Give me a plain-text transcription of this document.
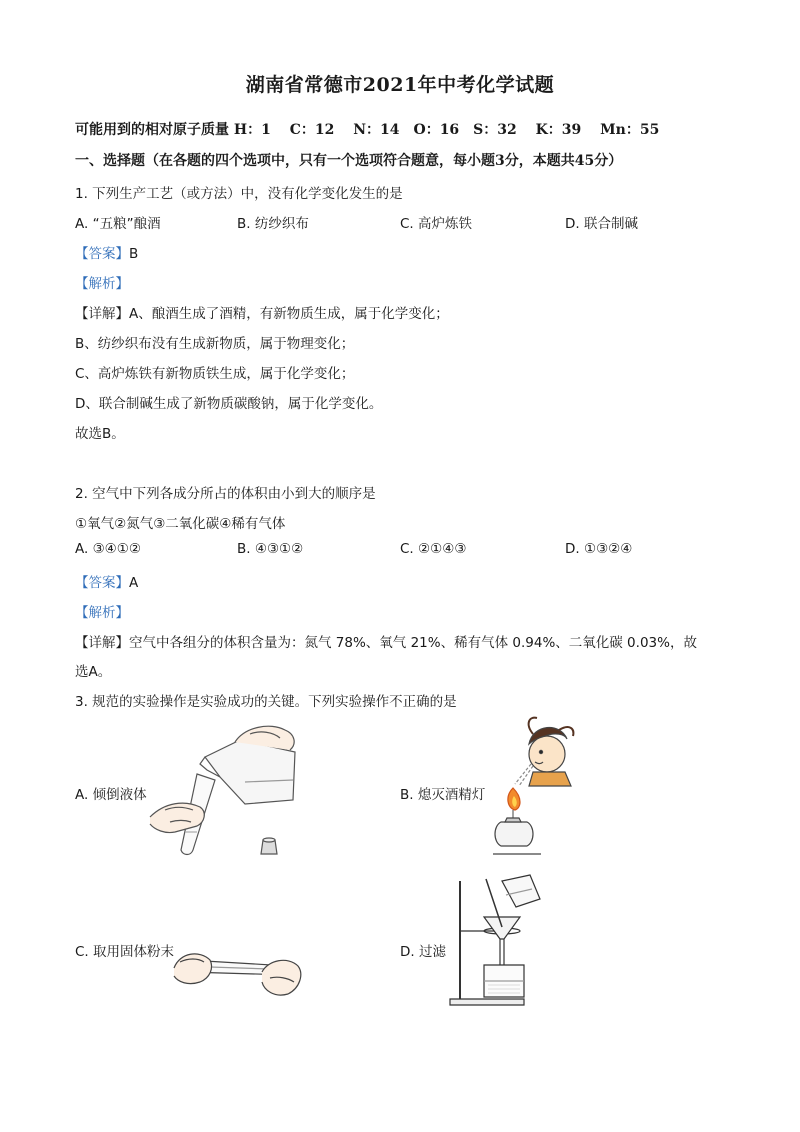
湖南省常德市2021年中考化学试题
可能用到的相对原子质量 H：1　 C：12　 N：14　O：16　S：32　 K：39　 Mn：55
一、选择题（在各题的四个选项中，只有一个选项符合题意，每小题3分，本题共45分）
1. 下列生产工艺（或方法）中，没有化学变化发生的是
A. “五粮”酿酒	B. 纺纱织布	C. 高炉炼铁	D. 联合制碱
【答案】B
【解析】
【详解】A、酿酒生成了酒精，有新物质生成，属于化学变化；
B、纺纱织布没有生成新物质，属于物理变化；
C、高炉炼铁有新物质铁生成，属于化学变化；
D、联合制碱生成了新物质碳酸钠，属于化学变化。
故选B。
2. 空气中下列各成分所占的体积由小到大的顺序是
①氧气②氮气③二氧化碳④稀有气体
A. ③④①②	B. ④③①②	C. ②①④③	D. ①③②④
【答案】A
【解析】
【详解】空气中各组分的体积含量为：氮气 78%、氧气 21%、稀有气体 0.94%、二氧化碳 0.03%，故
选A。
3. 规范的实验操作是实验成功的关键。下列实验操作不正确的是
A. 倾倒液体	B. 熄灭酒精灯
C. 取用固体粉末	D. 过滤
